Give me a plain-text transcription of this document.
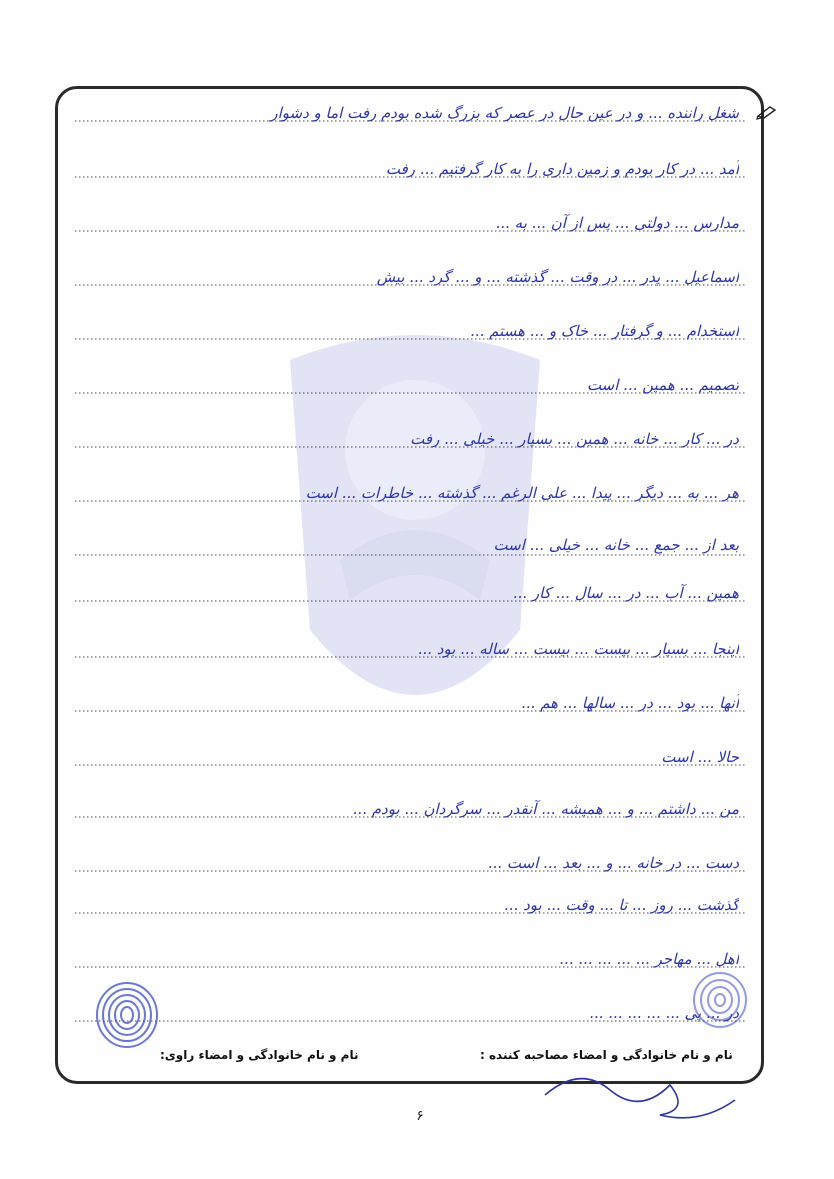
شغل راننده ... و در عین حال در عصر که بزرگ شده بودم رفت اما و دشوار
آمد ... در کار بودم و زمین داری را به کار گرفتیم ... رفت
مدارس ... دولتی ... پس از آن ... به ...
اسماعیل ... پدر ... در وقت ... گذشته ... و ... گرد ... بیش
استخدام ... و گرفتار ... خاک و ... هستم ...
تصمیم ... همین ... است
در ... کار ... خانه ... همین ... بسیار ... خیلی ... رفت
هر ... به ... دیگر ... پیدا ... علی الرغم ... گذشته ... خاطرات ... است
بعد از ... جمع ... خانه ... خیلی ... است
همین ... آب ... در ... سال ... کار ...
اینجا ... بسیار ... بیست ... بیست ... ساله ... بود ...
آنها ... بود ... در ... سالها ... هم ...
حالا ... است
من ... داشتم ... و ... همیشه ... آنقدر ... سرگردان ... بودم ...
دست ... در خانه ... و ... بعد ... است ...
گذشت ... روز ... تا ... وقت ... بود ...
اهل ... مهاجر ... ... ... ... ...
در ... پی ... ... ... ... ...
نام و نام خانوادگی و امضاء مصاحبه کننده :
نام و نام خانوادگی و امضاء راوی:
۶
